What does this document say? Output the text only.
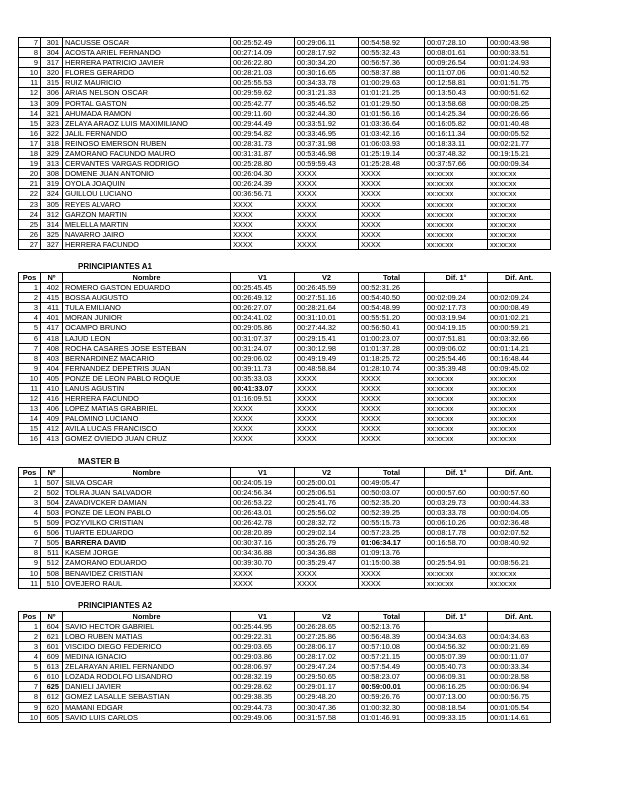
7	301	NACUSSE OSCAR	00:25:52.49	00:29:06.11	00:54:58.92	00:07:28.10	00:00:43.98
8	304	ACOSTA ARIEL FERNANDO	00:27:14.09	00:28:17.92	00:55:32.43	00:08:01.61	00:00:33.51
9	317	HERRERA PATRICIO JAVIER	00:26:22.80	00:30:34.20	00:56:57.36	00:09:26.54	00:01:24.93
10	320	FLORES GERARDO	00:28:21.03	00:30:16.65	00:58:37.88	00:11:07.06	00:01:40.52
11	315	RUIZ MAURICIO	00:25:55.53	00:34:33.78	01:00:29.63	00:12:58.81	00:01:51.75
12	306	ARIAS NELSON OSCAR	00:29:59.62	00:31:21.33	01:01:21.25	00:13:50.43	00:00:51.62
13	309	PORTAL GASTON	00:25:42.77	00:35:46.52	01:01:29.50	00:13:58.68	00:00:08.25
14	321	AHUMADA RAMON	00:29:11.60	00:32:44.30	01:01:56.16	00:14:25.34	00:00:26.66
15	323	ZELAYA ARAOZ LUIS MAXIMILIANO	00:29:44.49	00:33:51.92	01:03:36.64	00:16:05.82	00:01:40.48
16	322	JALIL FERNANDO	00:29:54.82	00:33:46.95	01:03:42.16	00:16:11.34	00:00:05.52
17	318	REINOSO EMERSON RUBEN	00:28:31.73	00:37:31.98	01:06:03.93	00:18:33.11	00:02:21.77
18	329	ZAMORANO FACUNDO MAURO	00:31:31.87	00:53:46.98	01:25:19.14	00:37:48.32	00:19:15.21
19	313	CERVANTES VARGAS RODRIGO	00:25:28.80	00:59:59.43	01:25:28.48	00:37:57.66	00:00:09.34
20	308	DOMENE JUAN ANTONIO	00:26:04.30	XXXX	XXXX	xx:xx:xx	xx:xx:xx
21	319	OYOLA JOAQUIN	00:26:24.39	XXXX	XXXX	xx:xx:xx	xx:xx:xx
22	324	GUILLOU LUCIANO	00:36:56.71	XXXX	XXXX	xx:xx:xx	xx:xx:xx
23	305	REYES ALVARO	XXXX	XXXX	XXXX	xx:xx:xx	xx:xx:xx
24	312	GARZON MARTIN	XXXX	XXXX	XXXX	xx:xx:xx	xx:xx:xx
25	314	MELELLA MARTIN	XXXX	XXXX	XXXX	xx:xx:xx	xx:xx:xx
26	325	NAVARRO JAIRO	XXXX	XXXX	XXXX	xx:xx:xx	xx:xx:xx
27	327	HERRERA FACUNDO	XXXX	XXXX	XXXX	xx:xx:xx	xx:xx:xx
PRINCIPIANTES A1
Pos	Nº	Nombre	V1	V2	Total	Dif. 1°	Dif. Ant.
1	402	ROMERO GASTON EDUARDO	00:25:45.45	00:26:45.59	00:52:31.26		
2	415	BOSSA AUGUSTO	00:26:49.12	00:27:51.16	00:54:40.50	00:02:09.24	00:02:09.24
3	411	TULA EMILIANO	00:26:27.07	00:28:21.64	00:54:48.99	00:02:17.73	00:00:08.49
4	401	MORAN JUNIOR	00:24:41.02	00:31:10.01	00:55:51.20	00:03:19.94	00:01:02.21
5	417	OCAMPO BRUNO	00:29:05.86	00:27:44.32	00:56:50.41	00:04:19.15	00:00:59.21
6	418	LAJUD LEON	00:31:07.37	00:29:15.41	01:00:23.07	00:07:51.81	00:03:32.66
7	408	ROCHA CASARES JOSE ESTEBAN	00:31:24.07	00:30:12.98	01:01:37.28	00:09:06.02	00:01:14.21
8	403	BERNARDINEZ MACARIO	00:29:06.02	00:49:19.49	01:18:25.72	00:25:54.46	00:16:48.44
9	404	FERNANDEZ DEPETRIS JUAN	00:39:11.73	00:48:58.84	01:28:10.74	00:35:39.48	00:09:45.02
10	405	PONZE DE LEON PABLO ROQUE	00:35:33.03	XXXX	XXXX	xx:xx:xx	xx:xx:xx
11	410	LANUS AGUSTIN	00:41:33.07	XXXX	XXXX	xx:xx:xx	xx:xx:xx
12	416	HERRERA FACUNDO	01:16:09.51	XXXX	XXXX	xx:xx:xx	xx:xx:xx
13	406	LOPEZ MATIAS GRABRIEL	XXXX	XXXX	XXXX	xx:xx:xx	xx:xx:xx
14	409	PALOMINO LUCIANO	XXXX	XXXX	XXXX	xx:xx:xx	xx:xx:xx
15	412	AVILA LUCAS FRANCISCO	XXXX	XXXX	XXXX	xx:xx:xx	xx:xx:xx
16	413	GOMEZ OVIEDO JUAN CRUZ	XXXX	XXXX	XXXX	xx:xx:xx	xx:xx:xx
MASTER B
Pos	Nº	Nombre	V1	V2	Total	Dif. 1°	Dif. Ant.
1	507	SILVA OSCAR	00:24:05.19	00:25:00.01	00:49:05.47		
2	502	TOLRA JUAN SALVADOR	00:24:56.34	00:25:06.51	00:50:03.07	00:00:57.60	00:00:57.60
3	504	ZAVADIVCKER DAMIAN	00:26:53.22	00:25:41.76	00:52:35.20	00:03:29.73	00:00:44.33
4	503	PONZE DE LEON PABLO	00:26:43.01	00:25:56.02	00:52:39.25	00:03:33.78	00:00:04.05
5	509	POZYVILKO CRISTIAN	00:26:42.78	00:28:32.72	00:55:15.73	00:06:10.26	00:02:36.48
6	506	TUARTE EDUARDO	00:28:20.89	00:29:02.14	00:57:23.25	00:08:17.78	00:02:07.52
7	505	BARRERA DAVID	00:30:37.16	00:35:26.79	01:06:34.17	00:16:58.70	00:08:40.92
8	511	KASEM JORGE	00:34:36.88	00:34:36.88	01:09:13.76		
9	512	ZAMORANO EDUARDO	00:39:30.70	00:35:29.47	01:15:00.38	00:25:54.91	00:08:56.21
10	508	BENAVIDEZ CRISTIAN	XXXX	XXXX	XXXX	xx:xx:xx	xx:xx:xx
11	510	OVEJERO RAUL	XXXX	XXXX	XXXX	xx:xx:xx	xx:xx:xx
PRINCIPIANTES A2
Pos	Nº	Nombre	V1	V2	Total	Dif. 1°	Dif. Ant.
1	604	SAVIO HECTOR GABRIEL	00:25:44.95	00:26:28.65	00:52:13.76		
2	621	LOBO RUBEN MATIAS	00:29:22.31	00:27:25.86	00:56:48.39	00:04:34.63	00:04:34.63
3	601	VISCIDO DIEGO FEDERICO	00:29:03.65	00:28:06.17	00:57:10.08	00:04:56.32	00:00:21.69
4	609	MEDINA IGNACIO	00:29:03.86	00:28:17.02	00:57:21.15	00:05:07.39	00:00:11.07
5	613	ZELARAYAN ARIEL FERNANDO	00:28:06.97	00:29:47.24	00:57:54.49	00:05:40.73	00:00:33.34
6	610	LOZADA RODOLFO LISANDRO	00:28:32.19	00:29:50.65	00:58:23.07	00:06:09.31	00:00:28.58
7	625	DANIELI JAVIER	00:29:28.62	00:29:01.17	00:59:00.01	00:06:16.25	00:00:06.94
8	612	GOMEZ LASALLE SEBASTIAN	00:29:38.35	00:29:48.20	00:59:26.76	00:07:13.00	00:00:56.75
9	620	MAMANI EDGAR	00:29:44.73	00:30:47.36	01:00:32.30	00:08:18.54	00:01:05.54
10	605	SAVIO LUIS CARLOS	00:29:49.06	00:31:57.58	01:01:46.91	00:09:33.15	00:01:14.61
